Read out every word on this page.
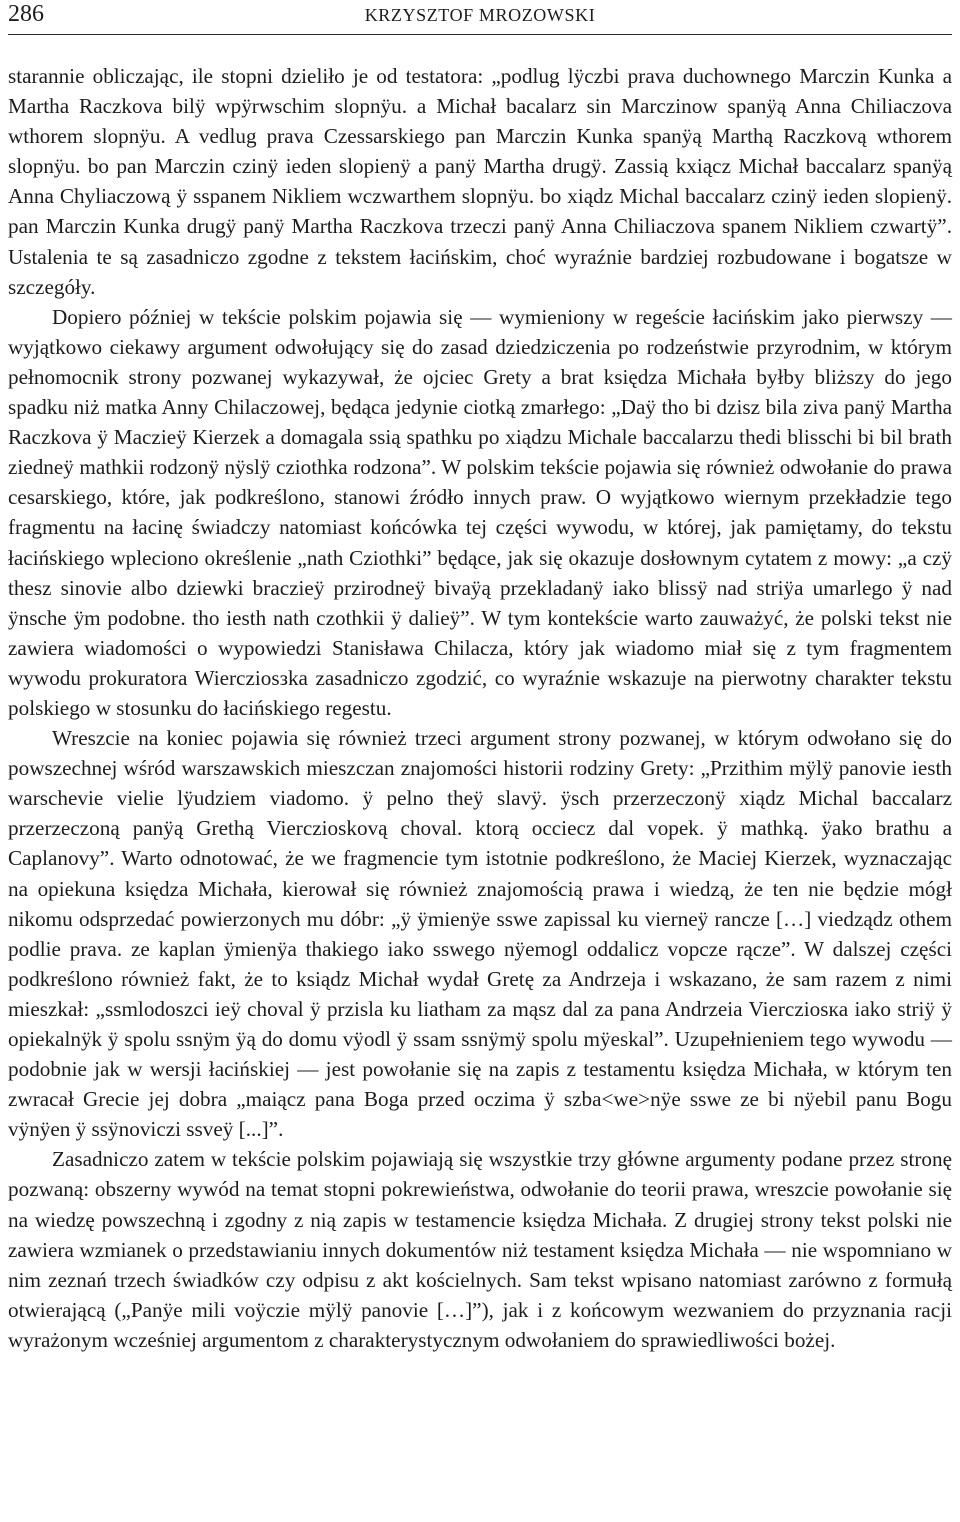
286	KRZYSZTOF MROZOWSKI

starannie obliczając, ile stopni dzieliło je od testatora: „podlug lÿczbi prava duchownego Marczin Kunka a Martha Raczkova bilÿ wpÿrwschim slopnÿu. a Michał bacalarz sin Marczinow spanÿą Anna Chiliaczova wthorem slopnÿu. A vedlug prava Czessarskiego pan Marczin Kunka spanÿą Marthą Raczkovą wthorem slopnÿu. bo pan Marczin czinÿ ieden slopienÿ a panÿ Martha drugÿ. Zassią kxiącz Michał baccalarz spanÿą Anna Chyliaczową ÿ sspanem Nikliem wczwarthem slopnÿu. bo xiądz Michal baccalarz czinÿ ieden slopienÿ. pan Marczin Kunka drugÿ panÿ Martha Raczkova trzeczi panÿ Anna Chiliaczova spanem Nikliem czwartÿ”. Ustalenia te są zasadniczo zgodne z tekstem łacińskim, choć wyraźnie bardziej rozbudowane i bogatsze w szczegóły.

Dopiero później w tekście polskim pojawia się — wymieniony w regeście łacińskim jako pierwszy — wyjątkowo ciekawy argument odwołujący się do zasad dziedziczenia po rodzeństwie przyrodnim, w którym pełnomocnik strony pozwanej wykazywał, że ojciec Grety a brat księdza Michała byłby bliższy do jego spadku niż matka Anny Chilaczowej, będąca jedynie ciotką zmarłego: „Daÿ tho bi dzisz bila ziva panÿ Martha Raczkova ÿ Maczieÿ Kierzek a domagala ssią spathku po xiądzu Michale baccalarzu thedi blisschi bi bil brath ziedneÿ mathkii rodzonÿ nÿslÿ cziothka rodzona”. W polskim tekście pojawia się również odwołanie do prawa cesarskiego, które, jak podkreślono, stanowi źródło innych praw. O wyjątkowo wiernym przekładzie tego fragmentu na łacinę świadczy natomiast końcówka tej części wywodu, w której, jak pamiętamy, do tekstu łacińskiego wpleciono określenie „nath Cziothki” będące, jak się okazuje dosłownym cytatem z mowy: „a czÿ thesz sinovie albo dziewki braczieÿ przirodneÿ bivaÿą przekladanÿ iako blissÿ nad striÿa umarlego ÿ nad ÿnsche ÿm podobne. tho iesth nath czothkii ÿ dalieÿ”. W tym kontekście warto zauważyć, że polski tekst nie zawiera wiadomości o wypowiedzi Stanisława Chilacza, który jak wiadomo miał się z tym fragmentem wywodu prokuratora Wiercziosзka zasadniczo zgodzić, co wyraźnie wskazuje na pierwotny charakter tekstu polskiego w stosunku do łacińskiego regestu.

Wreszcie na koniec pojawia się również trzeci argument strony pozwanej, w którym odwołano się do powszechnej wśród warszawskich mieszczan znajomości historii rodziny Grety: „Przithim mÿlÿ panovie iesth warschevie vielie lÿudziem viadomo. ÿ pelno theÿ slavÿ. ÿsch przerzeczonÿ xiądz Michal baccalarz przerzeczoną panÿą Grethą Vierczioskovą choval. ktorą occiecz dal vopek. ÿ mathką. ÿako brathu a Caplanovy”. Warto odnotować, że we fragmencie tym istotnie podkreślono, że Maciej Kierzek, wyznaczając na opiekuna księdza Michała, kierował się również znajomością prawa i wiedzą, że ten nie będzie mógł nikomu odsprzedać powierzonych mu dóbr: „ÿ ÿmienÿe sswe zapissal ku vierneÿ rancze […] viedządz othem podlie prava. ze kaplan ÿmienÿa thakiego iako sswego nÿemogl oddalicz vopcze rącze”. W dalszej części podkreślono również fakt, że to ksiądz Michał wydał Gretę za Andrzeja i wskazano, że sam razem z nimi mieszkał: „ssmlodoszci ieÿ choval ÿ przisla ku liatham za mąsz dal za pana Andrzeia Viercziosкa iako striÿ ÿ opiekalnÿk ÿ spolu ssnÿm ÿą do domu vÿodl ÿ ssam ssnÿmÿ spolu mÿeskal”. Uzupełnieniem tego wywodu — podobnie jak w wersji łacińskiej — jest powołanie się na zapis z testamentu księdza Michała, w którym ten zwracał Grecie jej dobra „maiącz pana Boga przed oczima ÿ szba<we>nÿe sswe ze bi nÿebil panu Bogu vÿnÿen ÿ ssÿnoviczi ssveÿ [...]”.

Zasadniczo zatem w tekście polskim pojawiają się wszystkie trzy główne argumenty podane przez stronę pozwaną: obszerny wywód na temat stopni pokrewieństwa, odwołanie do teorii prawa, wreszcie powołanie się na wiedzę powszechną i zgodny z nią zapis w testamencie księdza Michała. Z drugiej strony tekst polski nie zawiera wzmianek o przedstawianiu innych dokumentów niż testament księdza Michała — nie wspomniano w nim zeznań trzech świadków czy odpisu z akt kościelnych. Sam tekst wpisano natomiast zarówno z formułą otwierającą („Panÿe mili voÿczie mÿlÿ panovie […]”), jak i z końcowym wezwaniem do przyznania racji wyrażonym wcześniej argumentom z charakterystycznym odwołaniem do sprawiedliwości bożej.
